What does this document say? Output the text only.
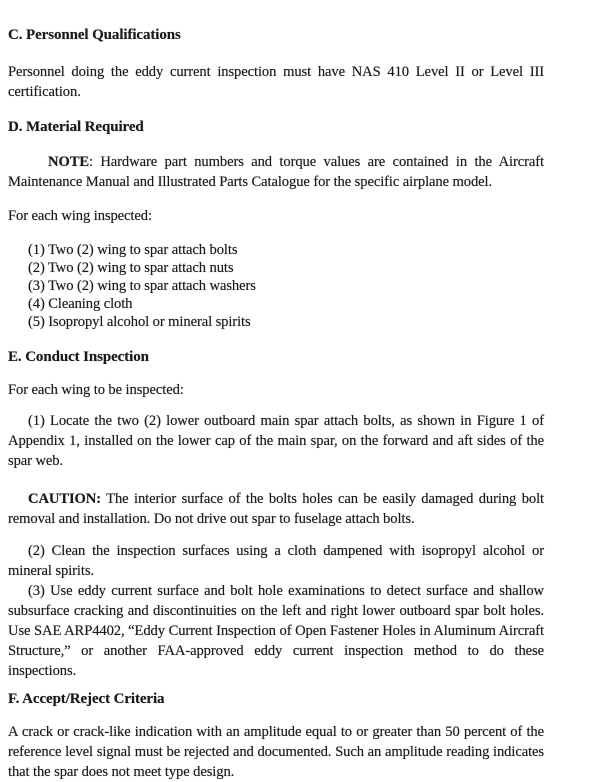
C. Personnel Qualifications

Personnel doing the eddy current inspection must have NAS 410 Level II or Level III certification.

D. Material Required

NOTE: Hardware part numbers and torque values are contained in the Aircraft Maintenance Manual and Illustrated Parts Catalogue for the specific airplane model.

For each wing inspected:

(1) Two (2) wing to spar attach bolts
(2) Two (2) wing to spar attach nuts
(3) Two (2) wing to spar attach washers
(4) Cleaning cloth
(5) Isopropyl alcohol or mineral spirits
E. Conduct Inspection

For each wing to be inspected:

(1) Locate the two (2) lower outboard main spar attach bolts, as shown in Figure 1 of Appendix 1, installed on the lower cap of the main spar, on the forward and aft sides of the spar web.

CAUTION: The interior surface of the bolts holes can be easily damaged during bolt removal and installation. Do not drive out spar to fuselage attach bolts.

(2) Clean the inspection surfaces using a cloth dampened with isopropyl alcohol or mineral spirits.

(3) Use eddy current surface and bolt hole examinations to detect surface and shallow subsurface cracking and discontinuities on the left and right lower outboard spar bolt holes. Use SAE ARP4402, “Eddy Current Inspection of Open Fastener Holes in Aluminum Aircraft Structure,” or another FAA-approved eddy current inspection method to do these inspections.

F. Accept/Reject Criteria

A crack or crack-like indication with an amplitude equal to or greater than 50 percent of the reference level signal must be rejected and documented. Such an amplitude reading indicates that the spar does not meet type design.
